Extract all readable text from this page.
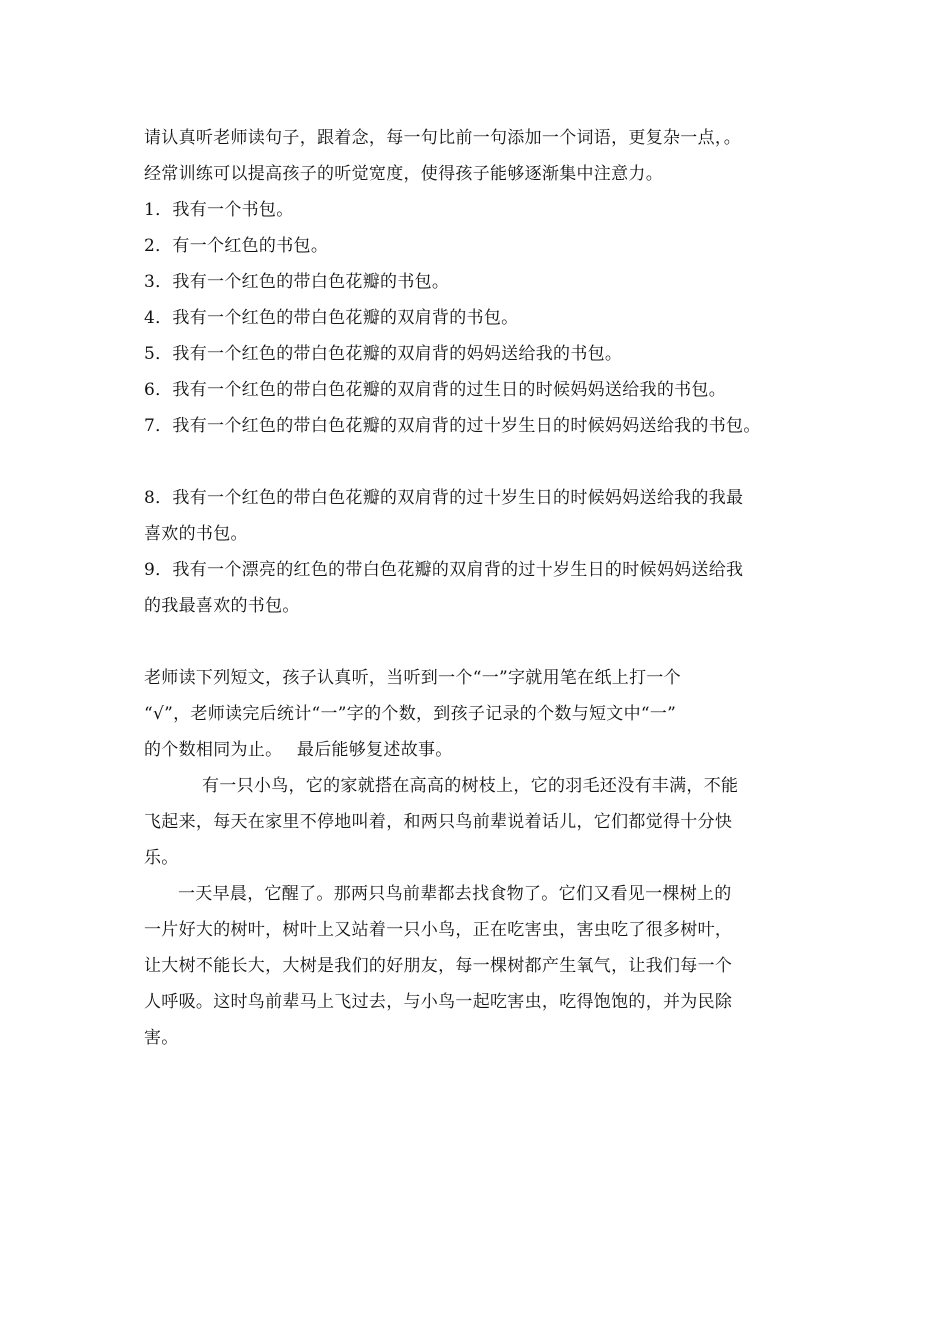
请认真听老师读句子，跟着念，每一句比前一句添加一个词语，更复杂一点，。
经常训练可以提高孩子的听觉宽度，使得孩子能够逐渐集中注意力。
1．我有一个书包。
2．有一个红色的书包。
3．我有一个红色的带白色花瓣的书包。
4．我有一个红色的带白色花瓣的双肩背的书包。
5．我有一个红色的带白色花瓣的双肩背的妈妈送给我的书包。
6．我有一个红色的带白色花瓣的双肩背的过生日的时候妈妈送给我的书包。
7．我有一个红色的带白色花瓣的双肩背的过十岁生日的时候妈妈送给我的书包。
8．我有一个红色的带白色花瓣的双肩背的过十岁生日的时候妈妈送给我的我最
喜欢的书包。
9．我有一个漂亮的红色的带白色花瓣的双肩背的过十岁生日的时候妈妈送给我
的我最喜欢的书包。
老师读下列短文，孩子认真听，当听到一个“一”字就用笔在纸上打一个
“√”，老师读完后统计“一”字的个数，到孩子记录的个数与短文中“一”
的个数相同为止。　 最后能够复述故事。
有一只小鸟，它的家就搭在高高的树枝上，它的羽毛还没有丰满，不能
飞起来，每天在家里不停地叫着，和两只鸟前辈说着话儿，它们都觉得十分快
乐。
一天早晨，它醒了。那两只鸟前辈都去找食物了。它们又看见一棵树上的
一片好大的树叶，树叶上又站着一只小鸟，正在吃害虫，害虫吃了很多树叶，
让大树不能长大，大树是我们的好朋友，每一棵树都产生氧气，让我们每一个
人呼吸。这时鸟前辈马上飞过去，与小鸟一起吃害虫，吃得饱饱的，并为民除
害。
